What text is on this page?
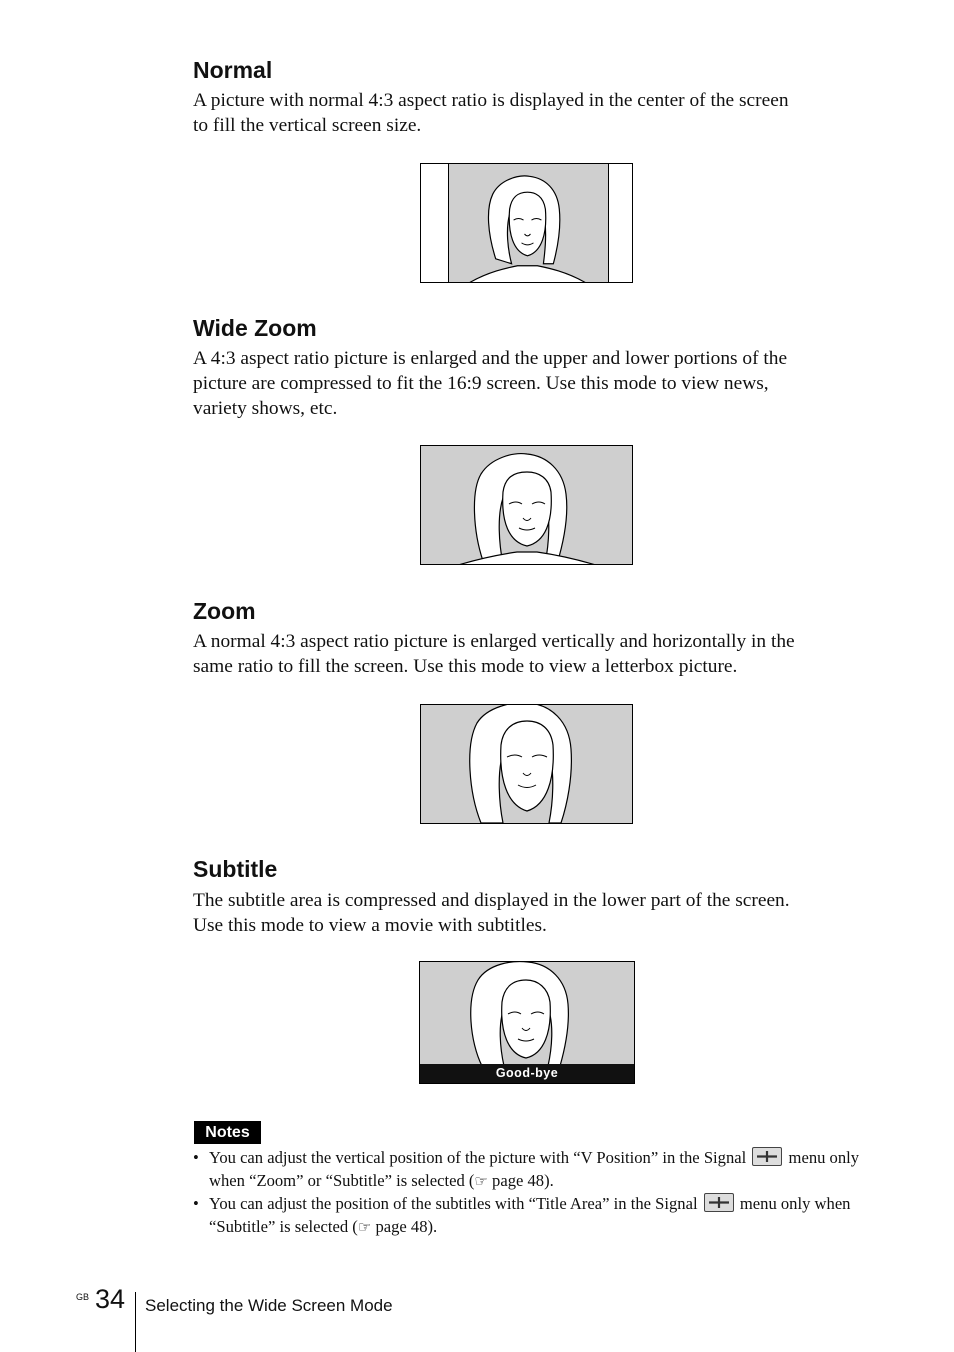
Normal

A picture with normal 4:3 aspect ratio is displayed in the center of the screen
to fill the vertical screen size.

Wide Zoom

A 4:3 aspect ratio picture is enlarged and the upper and lower portions of the
picture are compressed to fit the 16:9 screen. Use this mode to view news,
variety shows, etc.

Zoom

A normal 4:3 aspect ratio picture is enlarged vertically and horizontally in the
same ratio to fill the screen. Use this mode to view a letterbox picture.

Subtitle

The subtitle area is compressed and displayed in the lower part of the screen.
Use this mode to view a movie with subtitles.

Good-bye
Notes
• You can adjust the vertical position of the picture with “V Position” in the Signal	menu only when “Zoom” or “Subtitle” is selected (☞ page 48).
• You can adjust the position of the subtitles with “Title Area” in the Signal	menu only when “Subtitle” is selected (☞ page 48).
GB 34 Selecting the Wide Screen Mode
